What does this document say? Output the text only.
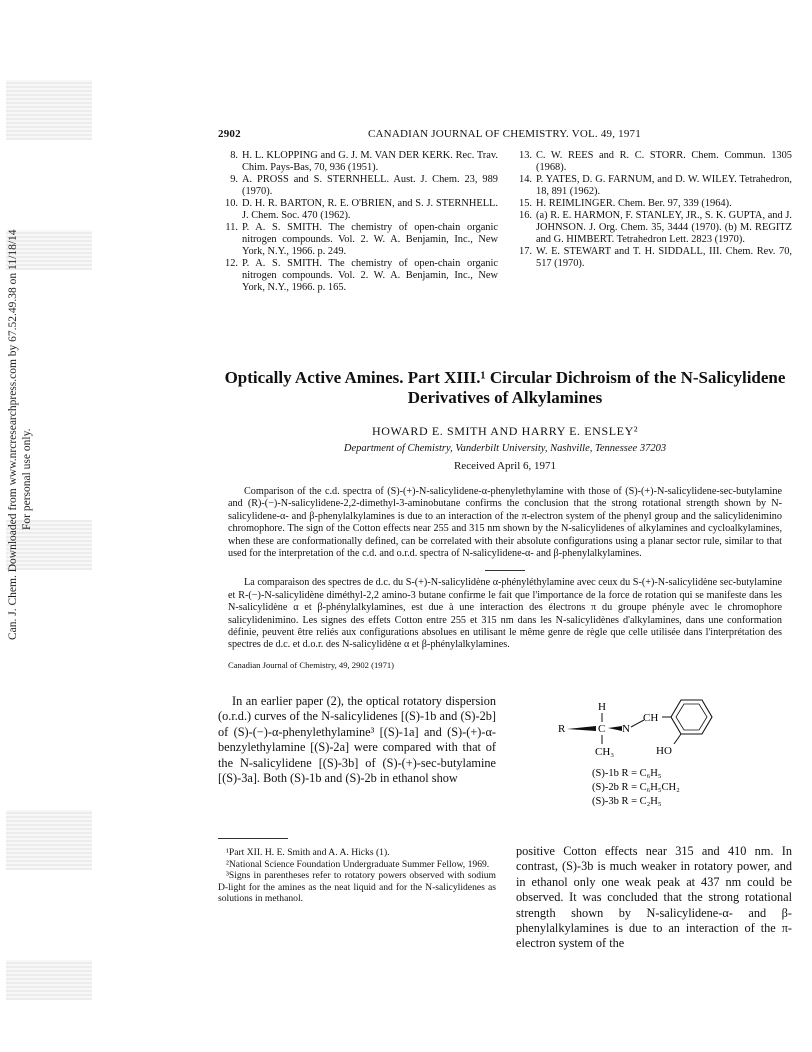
Can. J. Chem. Downloaded from www.nrcresearchpress.com by 67.52.49.38 on 11/18/14 For personal use only.
2902	CANADIAN JOURNAL OF CHEMISTRY. VOL. 49, 1971
8. H. L. KLOPPING and G. J. M. VAN DER KERK. Rec. Trav. Chim. Pays-Bas, 70, 936 (1951).
9. A. PROSS and S. STERNHELL. Aust. J. Chem. 23, 989 (1970).
10. D. H. R. BARTON, R. E. O'BRIEN, and S. J. STERNHELL. J. Chem. Soc. 470 (1962).
11. P. A. S. SMITH. The chemistry of open-chain organic nitrogen compounds. Vol. 2. W. A. Benjamin, Inc., New York, N.Y., 1966. p. 249.
12. P. A. S. SMITH. The chemistry of open-chain organic nitrogen compounds. Vol. 2. W. A. Benjamin, Inc., New York, N.Y., 1966. p. 165.
13. C. W. REES and R. C. STORR. Chem. Commun. 1305 (1968).
14. P. YATES, D. G. FARNUM, and D. W. WILEY. Tetrahedron, 18, 891 (1962).
15. H. REIMLINGER. Chem. Ber. 97, 339 (1964).
16. (a) R. E. HARMON, F. STANLEY, JR., S. K. GUPTA, and J. JOHNSON. J. Org. Chem. 35, 3444 (1970). (b) M. REGITZ and G. HIMBERT. Tetrahedron Lett. 2823 (1970).
17. W. E. STEWART and T. H. SIDDALL, III. Chem. Rev. 70, 517 (1970).
Optically Active Amines. Part XIII.¹ Circular Dichroism of the N-Salicylidene Derivatives of Alkylamines
HOWARD E. SMITH AND HARRY E. ENSLEY²
Department of Chemistry, Vanderbilt University, Nashville, Tennessee 37203
Received April 6, 1971
Comparison of the c.d. spectra of (S)-(+)-N-salicylidene-α-phenylethylamine with those of (S)-(+)-N-salicylidene-sec-butylamine and (R)-(−)-N-salicylidene-2,2-dimethyl-3-aminobutane confirms the conclusion that the strong rotational strength shown by N-salicylidene-α- and β-phenylalkylamines is due to an interaction of the π-electron system of the phenyl group and the salicylidenimino chromophore. The sign of the Cotton effects near 255 and 315 nm shown by the N-salicylidenes of alkylamines and cycloalkylamines, when these are conformationally defined, can be correlated with their absolute configurations using a planar sector rule, similar to that used for the interpretation of the c.d. and o.r.d. spectra of N-salicylidene-α- and β-phenylalkylamines.
La comparaison des spectres de d.c. du S-(+)-N-salicylidène α-phényléthylamine avec ceux du S-(+)-N-salicylidène sec-butylamine et R-(−)-N-salicylidène diméthyl-2,2 amino-3 butane confirme le fait que l'importance de la force de rotation qui se manifeste dans les N-salicylidène α et β-phénylalkylamines, est due à une interaction des électrons π du groupe phényle avec le chromophore salicylidenimino. Les signes des effets Cotton entre 255 et 315 nm dans les N-salicylidènes d'alkylamines, dans une conformation définie, peuvent être reliés aux configurations absolues en utilisant le même genre de règle que celle utilisée dans l'interprétation des spectres de d.c. et d.o.r. des N-salicylidène α et β-phénylalkylamines.
Canadian Journal of Chemistry, 49, 2902 (1971)

In an earlier paper (2), the optical rotatory dispersion (o.r.d.) curves of the N-salicylidenes [(S)-1b and (S)-2b] of (S)-(−)-α-phenylethylamine³ [(S)-1a] and (S)-(+)-α-benzylethylamine [(S)-2a] were compared with that of the N-salicylidene [(S)-3b] of (S)-(+)-sec-butylamine [(S)-3a]. Both (S)-1b and (S)-2b in ethanol show

¹Part XII. H. E. Smith and A. A. Hicks (1).
²National Science Foundation Undergraduate Summer Fellow, 1969.
³Signs in parentheses refer to rotatory powers observed with sodium D-light for the amines as the neat liquid and for the N-salicylidenes as solutions in methanol.
H
R	C N
CH
CH₃	HO
(S)-1b R = C₆H₅
(S)-2b R = C₆H₅CH₂
(S)-3b R = C₂H₅

positive Cotton effects near 315 and 410 nm. In contrast, (S)-3b is much weaker in rotatory power, and in ethanol only one weak peak at 437 nm could be observed. It was concluded that the strong rotational strength shown by N-salicylidene-α- and β-phenylalkylamines is due to an interaction of the π-electron system of the
